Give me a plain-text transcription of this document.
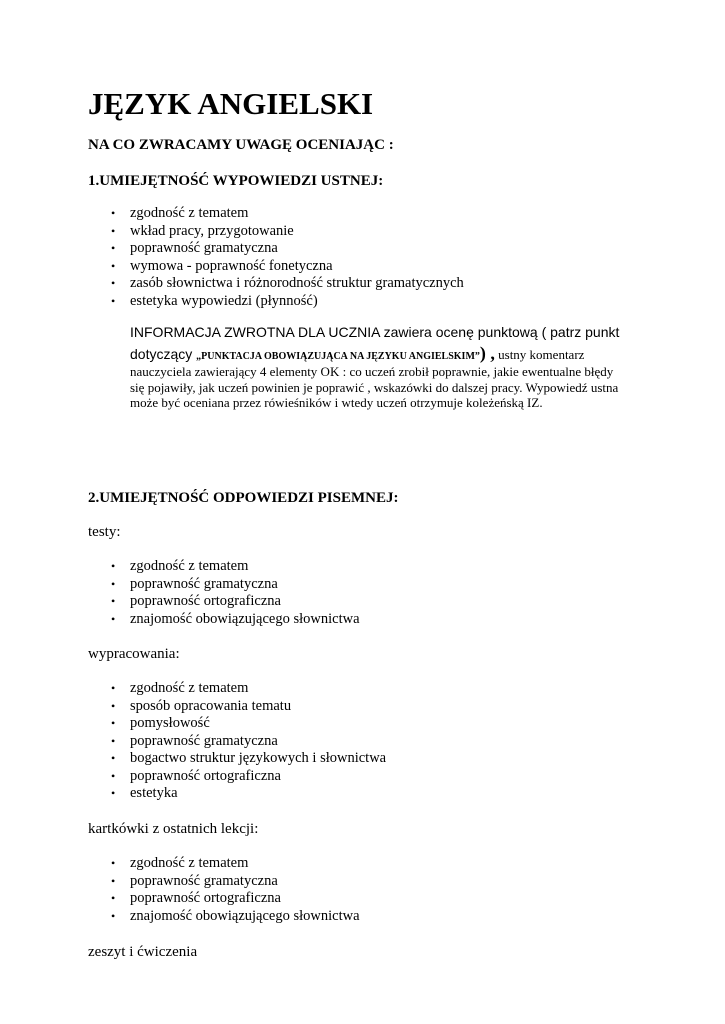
JĘZYK ANGIELSKI
NA CO ZWRACAMY UWAGĘ OCENIAJĄC :
1.UMIEJĘTNOŚĆ WYPOWIEDZI USTNEJ:
• zgodność z tematem
• wkład pracy, przygotowanie
• poprawność gramatyczna
• wymowa - poprawność fonetyczna
• zasób słownictwa i różnorodność struktur gramatycznych
• estetyka wypowiedzi (płynność)
INFORMACJA ZWROTNA DLA UCZNIA zawiera ocenę punktową ( patrz punkt
dotyczący „PUNKTACJA OBOWIĄZUJĄCA NA JĘZYKU ANGIELSKIM”) , ustny komentarz
nauczyciela zawierający 4 elementy OK : co uczeń zrobił poprawnie, jakie ewentualne błędy
się pojawiły, jak uczeń powinien je poprawić , wskazówki do dalszej pracy. Wypowiedź ustna
może być oceniana przez rówieśników i wtedy uczeń otrzymuje koleżeńską IZ.
2.UMIEJĘTNOŚĆ ODPOWIEDZI PISEMNEJ:
testy:
• zgodność z tematem
• poprawność gramatyczna
• poprawność ortograficzna
• znajomość obowiązującego słownictwa
wypracowania:
• zgodność z tematem
• sposób opracowania tematu
• pomysłowość
• poprawność gramatyczna
• bogactwo struktur językowych i słownictwa
• poprawność ortograficzna
• estetyka
kartkówki z ostatnich lekcji:
• zgodność z tematem
• poprawność gramatyczna
• poprawność ortograficzna
• znajomość obowiązującego słownictwa
zeszyt i ćwiczenia
